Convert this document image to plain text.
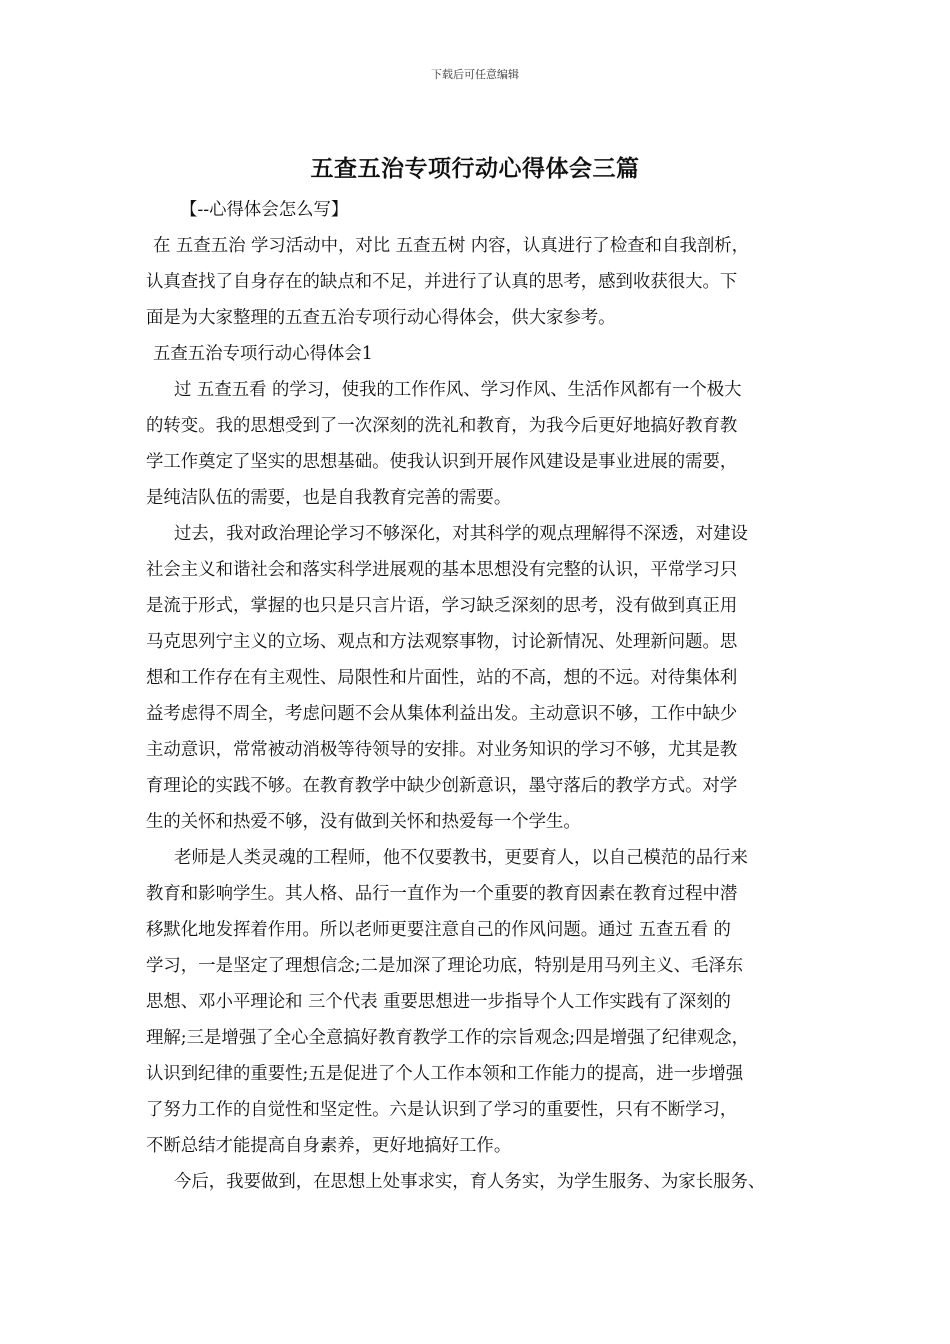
下载后可任意编辑
五查五治专项行动心得体会三篇
【--心得体会怎么写】
在 五查五治 学习活动中，对比 五查五树 内容，认真进行了检查和自我剖析，
认真查找了自身存在的缺点和不足，并进行了认真的思考，感到收获很大。下
面是为大家整理的五查五治专项行动心得体会，供大家参考。
五查五治专项行动心得体会1
过 五查五看 的学习，使我的工作作风、学习作风、生活作风都有一个极大
的转变。我的思想受到了一次深刻的洗礼和教育，为我今后更好地搞好教育教
学工作奠定了坚实的思想基础。使我认识到开展作风建设是事业进展的需要，
是纯洁队伍的需要，也是自我教育完善的需要。
过去，我对政治理论学习不够深化，对其科学的观点理解得不深透，对建设
社会主义和谐社会和落实科学进展观的基本思想没有完整的认识，平常学习只
是流于形式，掌握的也只是只言片语，学习缺乏深刻的思考，没有做到真正用
马克思列宁主义的立场、观点和方法观察事物，讨论新情况、处理新问题。思
想和工作存在有主观性、局限性和片面性，站的不高，想的不远。对待集体利
益考虑得不周全，考虑问题不会从集体利益出发。主动意识不够，工作中缺少
主动意识，常常被动消极等待领导的安排。对业务知识的学习不够，尤其是教
育理论的实践不够。在教育教学中缺少创新意识，墨守落后的教学方式。对学
生的关怀和热爱不够，没有做到关怀和热爱每一个学生。
老师是人类灵魂的工程师，他不仅要教书，更要育人，以自己模范的品行来
教育和影响学生。其人格、品行一直作为一个重要的教育因素在教育过程中潜
移默化地发挥着作用。所以老师更要注意自己的作风问题。通过 五查五看 的
学习，一是坚定了理想信念;二是加深了理论功底，特别是用马列主义、毛泽东
思想、邓小平理论和 三个代表 重要思想进一步指导个人工作实践有了深刻的
理解;三是增强了全心全意搞好教育教学工作的宗旨观念;四是增强了纪律观念，
认识到纪律的重要性;五是促进了个人工作本领和工作能力的提高，进一步增强
了努力工作的自觉性和坚定性。六是认识到了学习的重要性，只有不断学习，
不断总结才能提高自身素养，更好地搞好工作。
今后，我要做到，在思想上处事求实，育人务实，为学生服务、为家长服务、
